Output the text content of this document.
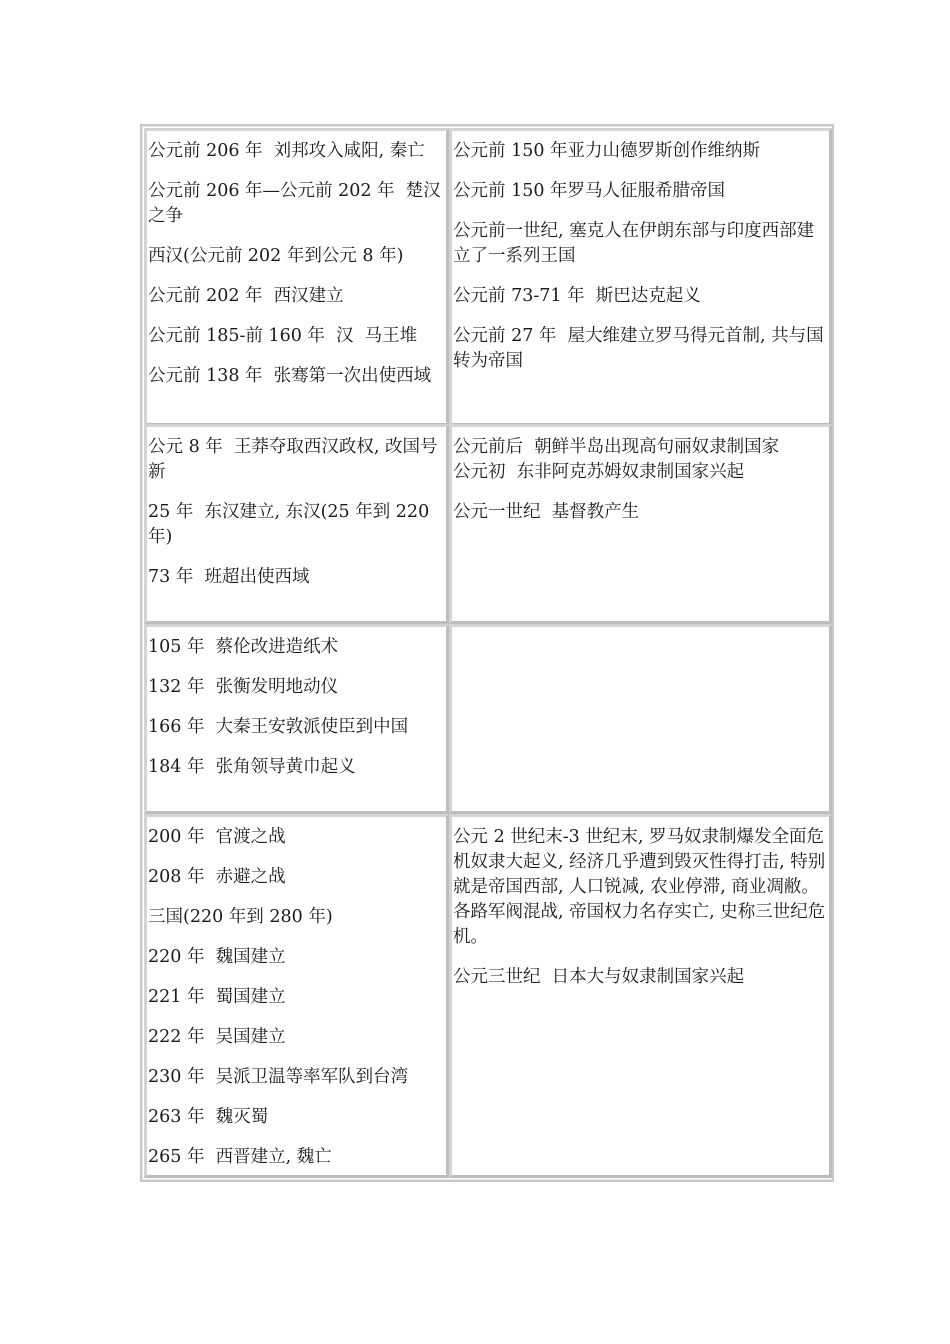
公元前 206 年  刘邦攻入咸阳, 秦亡

公元前 206 年—公元前 202 年  楚汉之争

西汉(公元前 202 年到公元 8 年)

公元前 202 年  西汉建立

公元前 185-前 160 年  汉  马王堆

公元前 138 年  张骞第一次出使西域

公元前 150 年亚力山德罗斯创作维纳斯

公元前 150 年罗马人征服希腊帝国

公元前一世纪, 塞克人在伊朗东部与印度西部建立了一系列王国

公元前 73-71 年  斯巴达克起义

公元前 27 年  屋大维建立罗马得元首制, 共与国转为帝国

公元 8 年  王莽夺取西汉政权, 改国号新

25 年  东汉建立, 东汉(25 年到 220 年)

73 年  班超出使西域

公元前后  朝鲜半岛出现高句丽奴隶制国家

公元初  东非阿克苏姆奴隶制国家兴起

公元一世纪  基督教产生

105 年  蔡伦改进造纸术

132 年  张衡发明地动仪

166 年  大秦王安敦派使臣到中国

184 年  张角领导黄巾起义

200 年  官渡之战

208 年  赤避之战

三国(220 年到 280 年)

220 年  魏国建立

221 年  蜀国建立

222 年  吴国建立

230 年  吴派卫温等率军队到台湾

263 年  魏灭蜀

265 年  西晋建立, 魏亡

公元 2 世纪末-3 世纪末, 罗马奴隶制爆发全面危机奴隶大起义, 经济几乎遭到毁灭性得打击, 特别就是帝国西部, 人口锐减, 农业停滞, 商业凋敝。各路军阀混战, 帝国权力名存实亡, 史称三世纪危机。

公元三世纪  日本大与奴隶制国家兴起
